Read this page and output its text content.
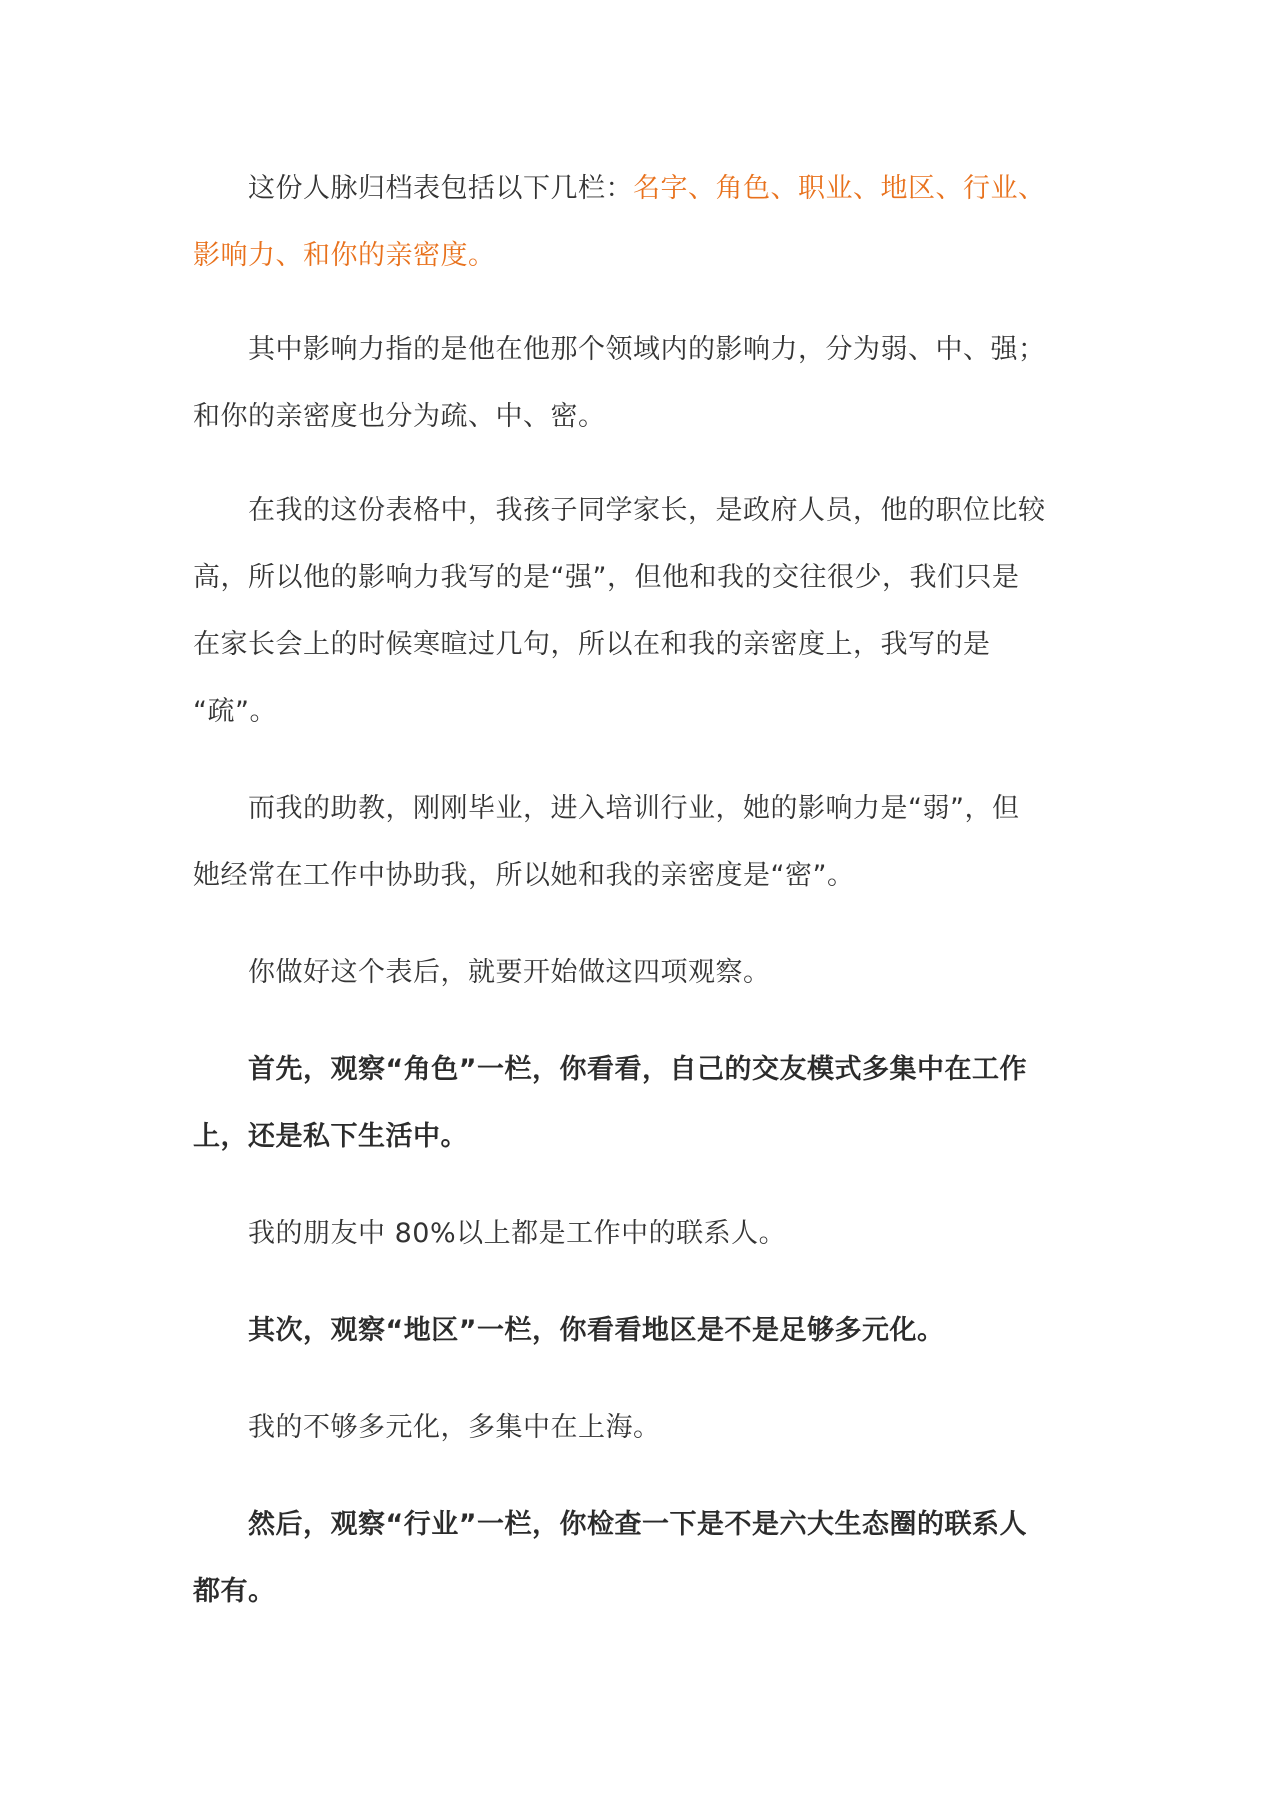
这份人脉归档表包括以下几栏：名字、角色、职业、地区、行业、
影响力、和你的亲密度。
其中影响力指的是他在他那个领域内的影响力，分为弱、中、强；
和你的亲密度也分为疏、中、密。
在我的这份表格中，我孩子同学家长，是政府人员，他的职位比较
高，所以他的影响力我写的是“强”，但他和我的交往很少，我们只是
在家长会上的时候寒暄过几句，所以在和我的亲密度上，我写的是
“疏”。
而我的助教，刚刚毕业，进入培训行业，她的影响力是“弱”，但
她经常在工作中协助我，所以她和我的亲密度是“密”。
你做好这个表后，就要开始做这四项观察。
首先，观察“角色”一栏，你看看，自己的交友模式多集中在工作
上，还是私下生活中。
我的朋友中 80%以上都是工作中的联系人。
其次，观察“地区”一栏，你看看地区是不是足够多元化。
我的不够多元化，多集中在上海。
然后，观察“行业”一栏，你检查一下是不是六大生态圈的联系人
都有。
